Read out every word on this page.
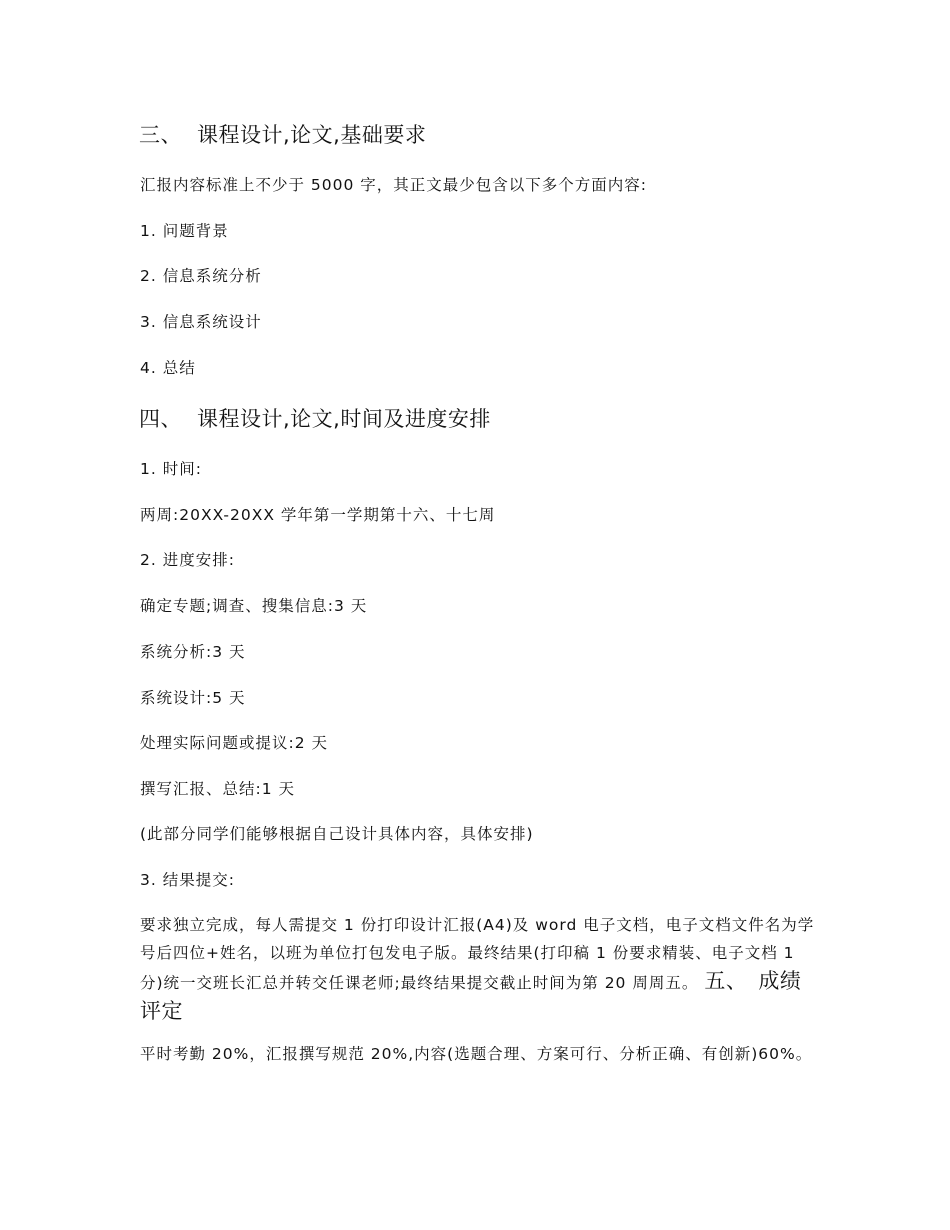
三、 课程设计,论文,基础要求
汇报内容标准上不少于 5000 字，其正文最少包含以下多个方面内容:
1. 问题背景
2. 信息系统分析
3. 信息系统设计
4. 总结
四、 课程设计,论文,时间及进度安排
1. 时间:
两周:20XX-20XX 学年第一学期第十六、十七周
2. 进度安排:
确定专题;调查、搜集信息:3 天
系统分析:3 天
系统设计:5 天
处理实际问题或提议:2 天
撰写汇报、总结:1 天
(此部分同学们能够根据自己设计具体内容，具体安排)
3. 结果提交:
要求独立完成，每人需提交 1 份打印设计汇报(A4)及 word 电子文档，电子文档文件名为学号后四位+姓名，以班为单位打包发电子版。最终结果(打印稿 1 份要求精装、电子文档 1 分)统一交班长汇总并转交任课老师;最终结果提交截止时间为第 20 周周五。 五、 成绩评定
平时考勤 20%，汇报撰写规范 20%,内容(选题合理、方案可行、分析正确、有创新)60%。
